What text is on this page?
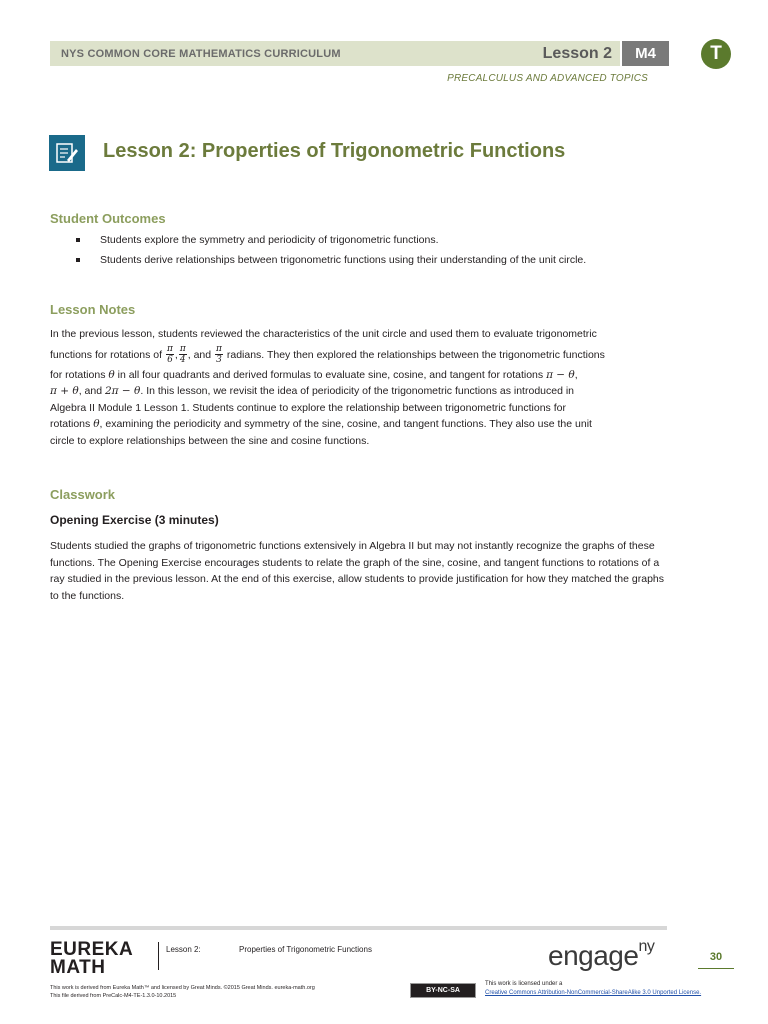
NYS COMMON CORE MATHEMATICS CURRICULUM	Lesson 2	M4	T
PRECALCULUS AND ADVANCED TOPICS
Lesson 2: Properties of Trigonometric Functions
Student Outcomes
Students explore the symmetry and periodicity of trigonometric functions.
Students derive relationships between trigonometric functions using their understanding of the unit circle.
Lesson Notes

In the previous lesson, students reviewed the characteristics of the unit circle and used them to evaluate trigonometric

functions for rotations of $\frac{\pi}{6}$ , $\frac{\pi}{4}$ , and $\frac{\pi}{3}$ radians. They then explored the relationships between the trigonometric functions

for rotations θ in all four quadrants and derived formulas to evaluate sine, cosine, and tangent for rotations π − θ,

π + θ, and 2π − θ. In this lesson, we revisit the idea of periodicity of the trigonometric functions as introduced in

Algebra II Module 1 Lesson 1. Students continue to explore the relationship between trigonometric functions for

rotations θ, examining the periodicity and symmetry of the sine, cosine, and tangent functions. They also use the unit

circle to explore relationships between the sine and cosine functions.

Classwork
Opening Exercise (3 minutes)
Students studied the graphs of trigonometric functions extensively in Algebra II but may not instantly recognize the graphs of these functions. The Opening Exercise encourages students to relate the graph of the sine, cosine, and tangent functions to rotations of a ray studied in the previous lesson. At the end of this exercise, allow students to provide justification for how they matched the graphs to the functions.
EUREKA
MATH
Lesson 2:	Properties of Trigonometric Functions	engage$^{ny}$
30
This work is derived from Eureka Math™ and licensed by Great Minds. ©2015 Great Minds. eureka-math.org
This file derived from PreCalc-M4-TE-1.3.0-10.2015
BY-NC-SA
This work is licensed under a
Creative Commons Attribution-NonCommercial-ShareAlike 3.0 Unported License.
